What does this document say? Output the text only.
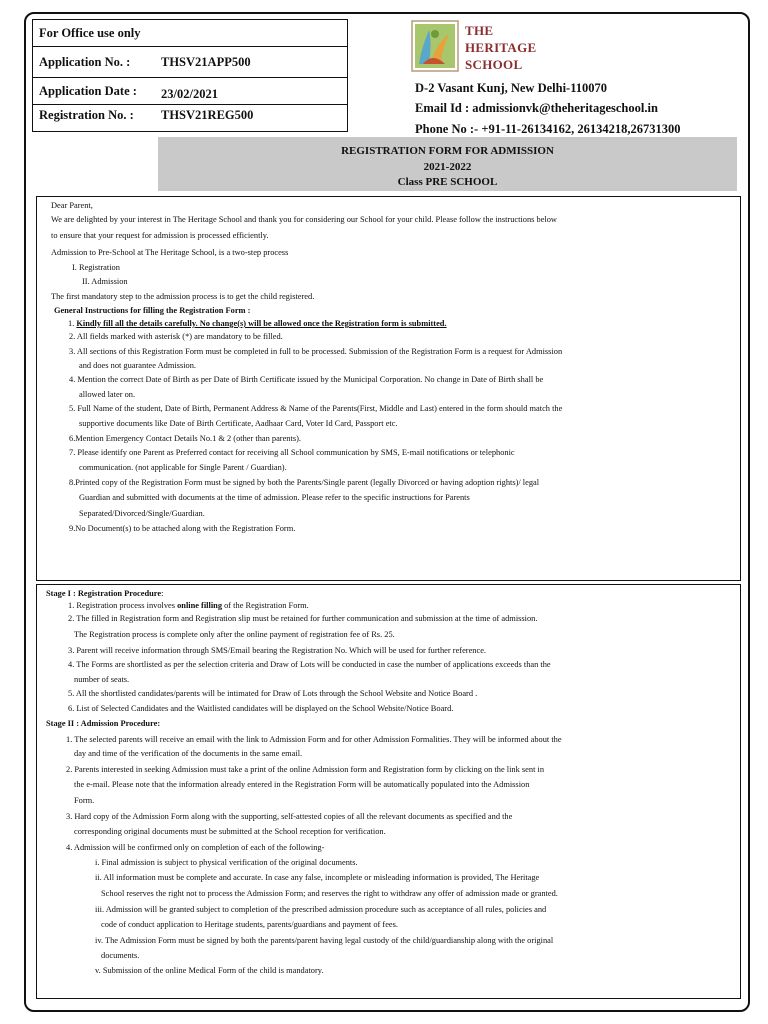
For Office use only
Application No. : THSV21APP500
Application Date : 23/02/2021
Registration No. : THSV21REG500
THE
HERITAGE
SCHOOL
D-2 Vasant Kunj, New Delhi-110070
Email Id : admissionvk@theheritageschool.in
Phone No :- +91-11-26134162, 26134218,26731300
REGISTRATION FORM FOR ADMISSION
2021-2022
Class PRE SCHOOL
Dear Parent,
We are delighted by your interest in The Heritage School and thank you for considering our School for your child. Please follow the instructions below
to ensure that your request for admission is processed efficiently.
Admission to Pre-School at The Heritage School, is a two-step process
I. Registration
II. Admission
The first mandatory step to the admission process is to get the child registered.
General Instructions for filling the Registration Form :
1. Kindly fill all the details carefully. No change(s) will be allowed once the Registration form is submitted.
2. All fields marked with asterisk (*) are mandatory to be filled.
3. All sections of this Registration Form must be completed in full to be processed. Submission of the Registration Form is a request for Admission
and does not guarantee Admission.
4. Mention the correct Date of Birth as per Date of Birth Certificate issued by the Municipal Corporation. No change in Date of Birth shall be
allowed later on.
5. Full Name of the student, Date of Birth, Permanent Address & Name of the Parents(First, Middle and Last) entered in the form should match the
supportive documents like Date of Birth Certificate, Aadhaar Card, Voter Id Card, Passport etc.
6.Mention Emergency Contact Details No.1 & 2 (other than parents).
7. Please identify one Parent as Preferred contact for receiving all School communication by SMS, E-mail notifications or telephonic
communication. (not applicable for Single Parent / Guardian).
8.Printed copy of the Registration Form must be signed by both the Parents/Single parent (legally Divorced or having adoption rights)/ legal
Guardian and submitted with documents at the time of admission. Please refer to the specific instructions for Parents
Separated/Divorced/Single/Guardian.
9.No Document(s) to be attached along with the Registration Form.
Stage I : Registration Procedure:
1. Registration process involves online filling of the Registration Form.
2. The filled in Registration form and Registration slip must be retained for further communication and submission at the time of admission.
The Registration process is complete only after the online payment of registration fee of Rs. 25.
3. Parent will receive information through SMS/Email bearing the Registration No. Which will be used for further reference.
4. The Forms are shortlisted as per the selection criteria and Draw of Lots will be conducted in case the number of applications exceeds than the
number of seats.
5. All the shortlisted candidates/parents will be intimated for Draw of Lots through the School Website and Notice Board .
6. List of Selected Candidates and the Waitlisted candidates will be displayed on the School Website/Notice Board.
Stage II : Admission Procedure:
1. The selected parents will receive an email with the link to Admission Form and for other Admission Formalities. They will be informed about the
day and time of the verification of the documents in the same email.
2. Parents interested in seeking Admission must take a print of the online Admission form and Registration form by clicking on the link sent in
the e-mail. Please note that the information already entered in the Registration Form will be automatically populated into the Admission
Form.
3. Hard copy of the Admission Form along with the supporting, self-attested copies of all the relevant documents as specified and the
corresponding original documents must be submitted at the School reception for verification.
4. Admission will be confirmed only on completion of each of the following-
i. Final admission is subject to physical verification of the original documents.
ii. All information must be complete and accurate. In case any false, incomplete or misleading information is provided, The Heritage
School reserves the right not to process the Admission Form; and reserves the right to withdraw any offer of admission made or granted.
iii. Admission will be granted subject to completion of the prescribed admission procedure such as acceptance of all rules, policies and
code of conduct application to Heritage students, parents/guardians and payment of fees.
iv. The Admission Form must be signed by both the parents/parent having legal custody of the child/guardianship along with the original
documents.
v. Submission of the online Medical Form of the child is mandatory.
